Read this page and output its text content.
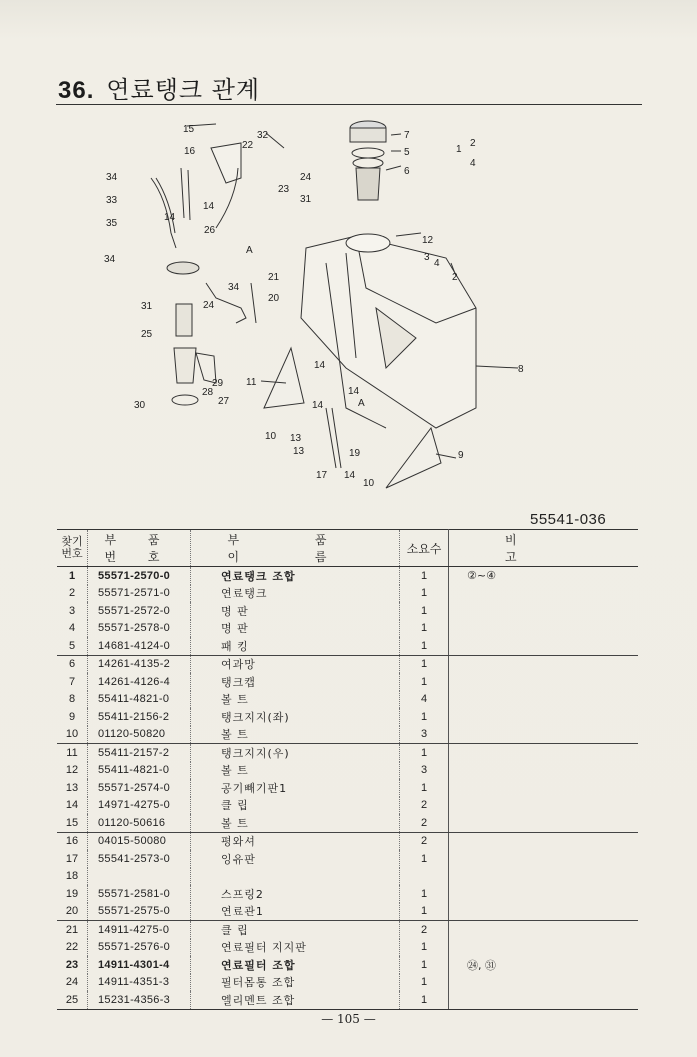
36. 연료탱크 관계
15
16
22
32
34
33
35
14
14
26
34
A
21
34
20
31	24
25
29
28
27
30
23
24
31
7
5
6
1
2
4
12
3
4
2
8
11
14
14
14	A
10 13
13	19	9
17 14
10
55541-036
찾기 번호	부 품 번 호	부 품 이 름	소요수	비 고
1	55571-2570-0	연료탱크 조합	1	②~④
2	55571-2571-0	연료탱크	1	
3	55571-2572-0	명 판	1	
4	55571-2578-0	명 판	1	
5	14681-4124-0	패 킹	1	
6	14261-4135-2	여과망	1	
7	14261-4126-4	탱크캡	1	
8	55411-4821-0	볼 트	4	
9	55411-2156-2	탱크지지(좌)	1	
10	01120-50820	볼 트	3	
11	55411-2157-2	탱크지지(우)	1	
12	55411-4821-0	볼 트	3	
13	55571-2574-0	공기빼기판1	1	
14	14971-4275-0	클 립	2	
15	01120-50616	볼 트	2	
16	04015-50080	평와셔	2	
17	55541-2573-0	잉유판	1	
18				
19	55571-2581-0	스프링2	1	
20	55571-2575-0	연료관1	1	
21	14911-4275-0	클 립	2	
22	55571-2576-0	연료필터 지지판	1	
23	14911-4301-4	연료필터 조합	1	㉔, ㉛
24	14911-4351-3	필터몸통 조합	1	
25	15231-4356-3	엘리멘트 조합	1	
— 105 —
